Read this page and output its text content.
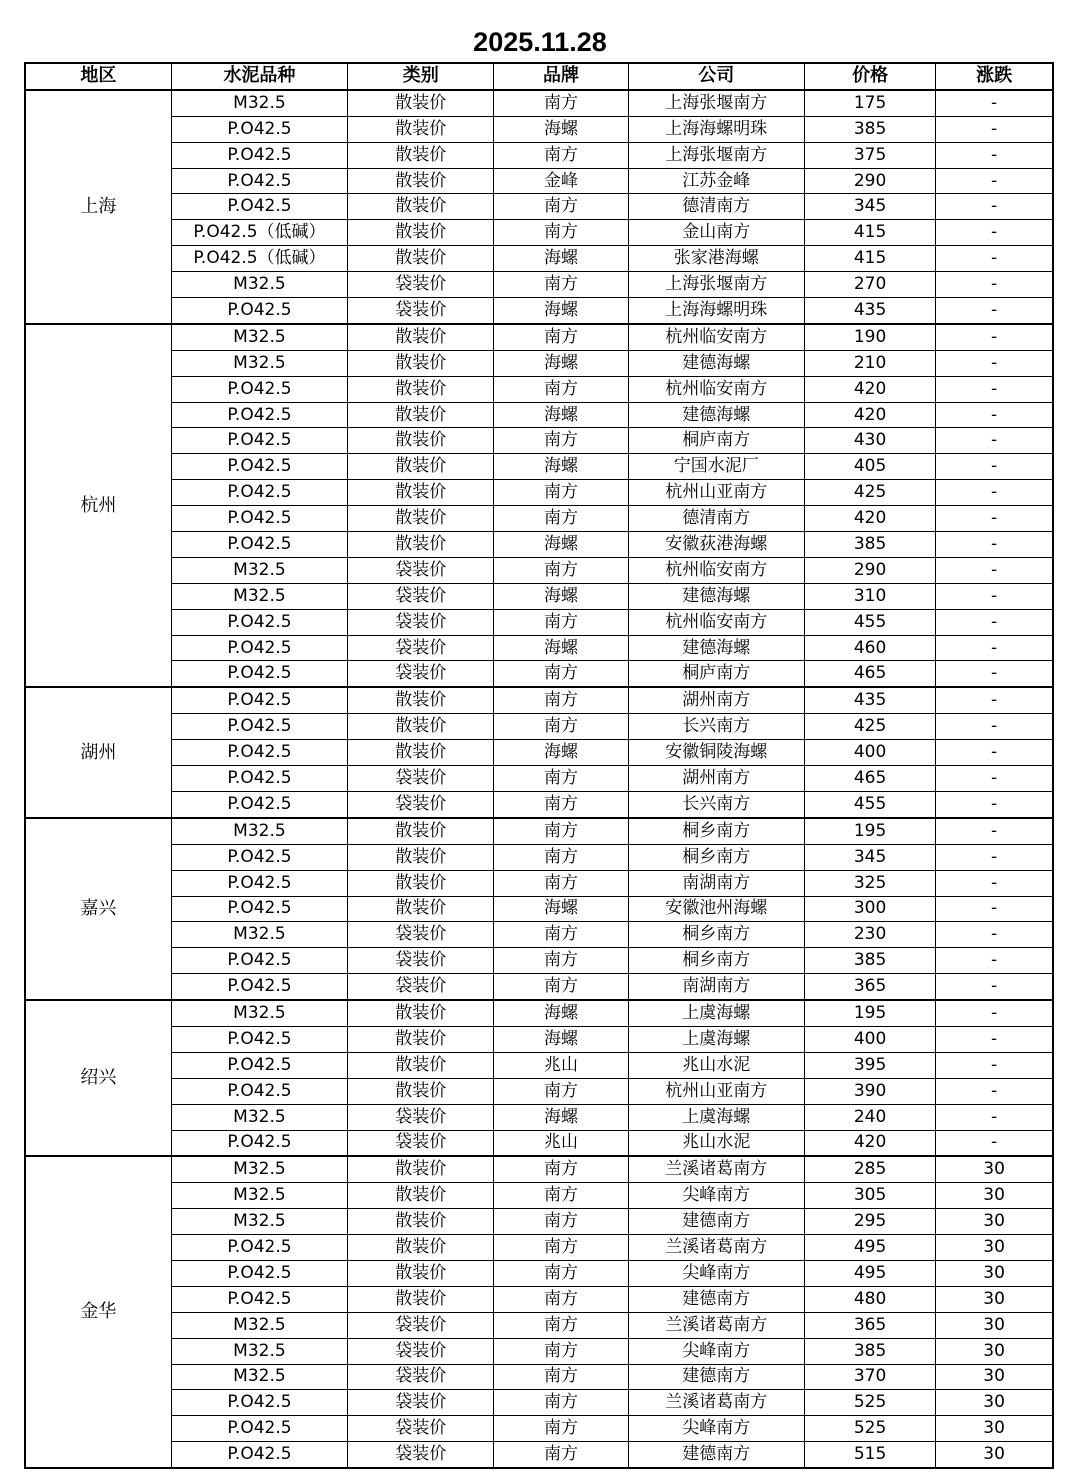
2025.11.28
地区	水泥品种	类别	品牌	公司	价格	涨跌
上海	M32.5	散装价	南方	上海张堰南方	175	-
	P.O42.5	散装价	海螺	上海海螺明珠	385	-
	P.O42.5	散装价	南方	上海张堰南方	375	-
	P.O42.5	散装价	金峰	江苏金峰	290	-
	P.O42.5	散装价	南方	德清南方	345	-
	P.O42.5（低碱）	散装价	南方	金山南方	415	-
	P.O42.5（低碱）	散装价	海螺	张家港海螺	415	-
	M32.5	袋装价	南方	上海张堰南方	270	-
	P.O42.5	袋装价	海螺	上海海螺明珠	435	-
杭州	M32.5	散装价	南方	杭州临安南方	190	-
	M32.5	散装价	海螺	建德海螺	210	-
	P.O42.5	散装价	南方	杭州临安南方	420	-
	P.O42.5	散装价	海螺	建德海螺	420	-
	P.O42.5	散装价	南方	桐庐南方	430	-
	P.O42.5	散装价	海螺	宁国水泥厂	405	-
	P.O42.5	散装价	南方	杭州山亚南方	425	-
	P.O42.5	散装价	南方	德清南方	420	-
	P.O42.5	散装价	海螺	安徽荻港海螺	385	-
	M32.5	袋装价	南方	杭州临安南方	290	-
	M32.5	袋装价	海螺	建德海螺	310	-
	P.O42.5	袋装价	南方	杭州临安南方	455	-
	P.O42.5	袋装价	海螺	建德海螺	460	-
	P.O42.5	袋装价	南方	桐庐南方	465	-
湖州	P.O42.5	散装价	南方	湖州南方	435	-
	P.O42.5	散装价	南方	长兴南方	425	-
	P.O42.5	散装价	海螺	安徽铜陵海螺	400	-
	P.O42.5	袋装价	南方	湖州南方	465	-
	P.O42.5	袋装价	南方	长兴南方	455	-
嘉兴	M32.5	散装价	南方	桐乡南方	195	-
	P.O42.5	散装价	南方	桐乡南方	345	-
	P.O42.5	散装价	南方	南湖南方	325	-
	P.O42.5	散装价	海螺	安徽池州海螺	300	-
	M32.5	袋装价	南方	桐乡南方	230	-
	P.O42.5	袋装价	南方	桐乡南方	385	-
	P.O42.5	袋装价	南方	南湖南方	365	-
绍兴	M32.5	散装价	海螺	上虞海螺	195	-
	P.O42.5	散装价	海螺	上虞海螺	400	-
	P.O42.5	散装价	兆山	兆山水泥	395	-
	P.O42.5	散装价	南方	杭州山亚南方	390	-
	M32.5	袋装价	海螺	上虞海螺	240	-
	P.O42.5	袋装价	兆山	兆山水泥	420	-
金华	M32.5	散装价	南方	兰溪诸葛南方	285	30
	M32.5	散装价	南方	尖峰南方	305	30
	M32.5	散装价	南方	建德南方	295	30
	P.O42.5	散装价	南方	兰溪诸葛南方	495	30
	P.O42.5	散装价	南方	尖峰南方	495	30
	P.O42.5	散装价	南方	建德南方	480	30
	M32.5	袋装价	南方	兰溪诸葛南方	365	30
	M32.5	袋装价	南方	尖峰南方	385	30
	M32.5	袋装价	南方	建德南方	370	30
	P.O42.5	袋装价	南方	兰溪诸葛南方	525	30
	P.O42.5	袋装价	南方	尖峰南方	525	30
	P.O42.5	袋装价	南方	建德南方	515	30
